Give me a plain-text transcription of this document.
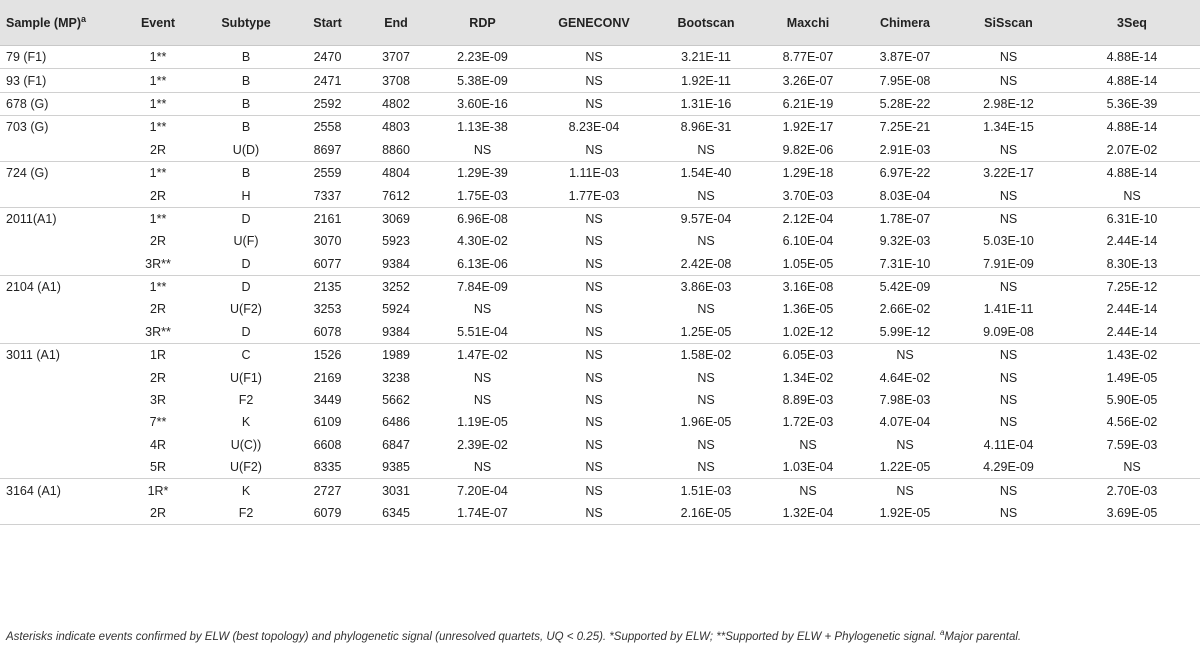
Sample (MP)$^a$	Event	Subtype	Start	End	RDP	GENECONV	Bootscan	Maxchi	Chimera	SiSscan	3Seq
79 (F1)	1**	B	2470	3707	2.23E-09	NS	3.21E-11	8.77E-07	3.87E-07	NS	4.88E-14
93 (F1)	1**	B	2471	3708	5.38E-09	NS	1.92E-11	3.26E-07	7.95E-08	NS	4.88E-14
678 (G)	1**	B	2592	4802	3.60E-16	NS	1.31E-16	6.21E-19	5.28E-22	2.98E-12	5.36E-39
703 (G)	1**	B	2558	4803	1.13E-38	8.23E-04	8.96E-31	1.92E-17	7.25E-21	1.34E-15	4.88E-14
	2R	U(D)	8697	8860	NS	NS	NS	9.82E-06	2.91E-03	NS	2.07E-02
724 (G)	1**	B	2559	4804	1.29E-39	1.11E-03	1.54E-40	1.29E-18	6.97E-22	3.22E-17	4.88E-14
	2R	H	7337	7612	1.75E-03	1.77E-03	NS	3.70E-03	8.03E-04	NS	NS
2011(A1)	1**	D	2161	3069	6.96E-08	NS	9.57E-04	2.12E-04	1.78E-07	NS	6.31E-10
	2R	U(F)	3070	5923	4.30E-02	NS	NS	6.10E-04	9.32E-03	5.03E-10	2.44E-14
	3R**	D	6077	9384	6.13E-06	NS	2.42E-08	1.05E-05	7.31E-10	7.91E-09	8.30E-13
2104 (A1)	1**	D	2135	3252	7.84E-09	NS	3.86E-03	3.16E-08	5.42E-09	NS	7.25E-12
	2R	U(F2)	3253	5924	NS	NS	NS	1.36E-05	2.66E-02	1.41E-11	2.44E-14
	3R**	D	6078	9384	5.51E-04	NS	1.25E-05	1.02E-12	5.99E-12	9.09E-08	2.44E-14
3011 (A1)	1R	C	1526	1989	1.47E-02	NS	1.58E-02	6.05E-03	NS	NS	1.43E-02
	2R	U(F1)	2169	3238	NS	NS	NS	1.34E-02	4.64E-02	NS	1.49E-05
	3R	F2	3449	5662	NS	NS	NS	8.89E-03	7.98E-03	NS	5.90E-05
	7**	K	6109	6486	1.19E-05	NS	1.96E-05	1.72E-03	4.07E-04	NS	4.56E-02
	4R	U(C))	6608	6847	2.39E-02	NS	NS	NS	NS	4.11E-04	7.59E-03
	5R	U(F2)	8335	9385	NS	NS	NS	1.03E-04	1.22E-05	4.29E-09	NS
3164 (A1)	1R*	K	2727	3031	7.20E-04	NS	1.51E-03	NS	NS	NS	2.70E-03
	2R	F2	6079	6345	1.74E-07	NS	2.16E-05	1.32E-04	1.92E-05	NS	3.69E-05
Asterisks indicate events confirmed by ELW (best topology) and phylogenetic signal (unresolved quartets, UQ < 0.25). *Supported by ELW; **Supported by ELW + Phylogenetic signal. $^a$Major parental.
